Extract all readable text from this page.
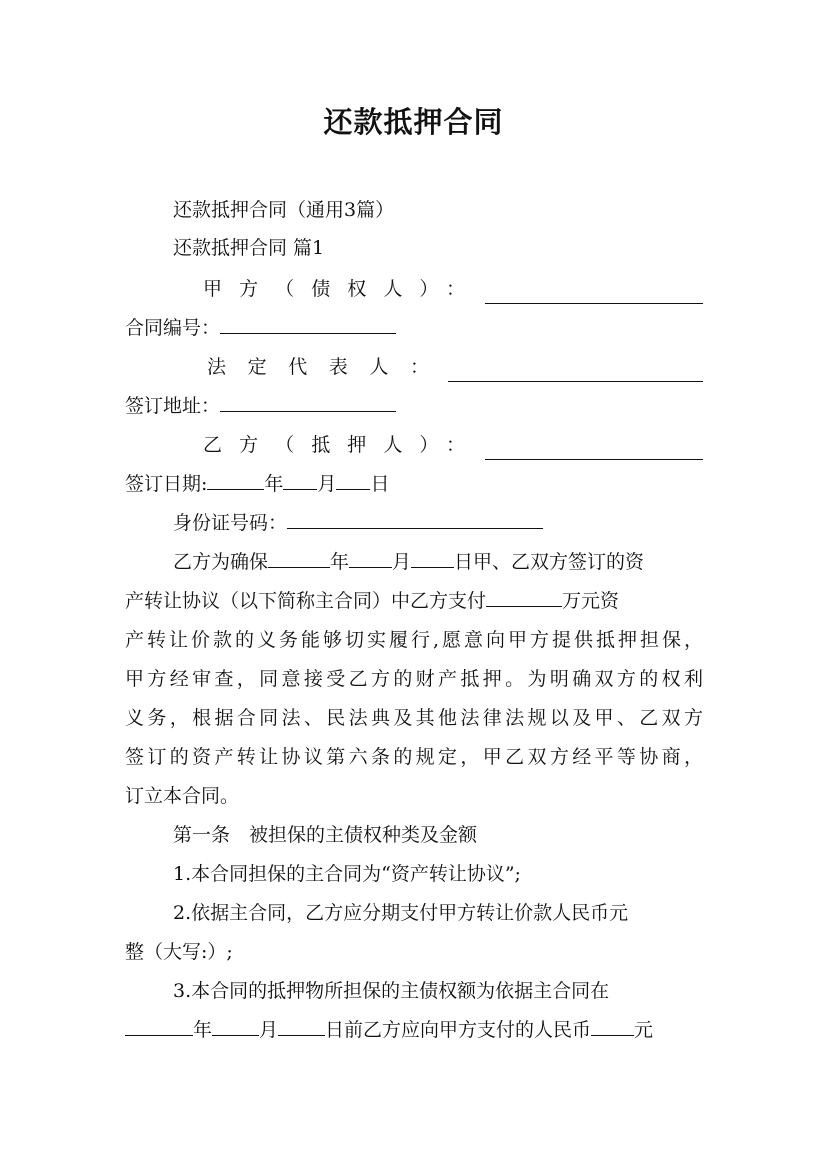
还款抵押合同
还款抵押合同（通用3篇）
还款抵押合同 篇1
甲方（债权人）：
合同编号：
法定代表人：
签订地址：
乙方（抵押人）：
签订日期:	年 月 日
身份证号码：
乙方为确保	年 月 日甲、乙双方签订的资
产转让协议（以下简称主合同）中乙方支付	万元资
产转让价款的义务能够切实履行,愿意向甲方提供抵押担保，
甲方经审查，同意接受乙方的财产抵押。为明确双方的权利
义务，根据合同法、民法典及其他法律法规以及甲、乙双方
签订的资产转让协议第六条的规定，甲乙双方经平等协商，
订立本合同。
第一条　被担保的主债权种类及金额
1.本合同担保的主合同为“资产转让协议”;
2.依据主合同，乙方应分期支付甲方转让价款人民币元
整（大写:）;
3.本合同的抵押物所担保的主债权额为依据主合同在
年 月 日前乙方应向甲方支付的人民币 元
